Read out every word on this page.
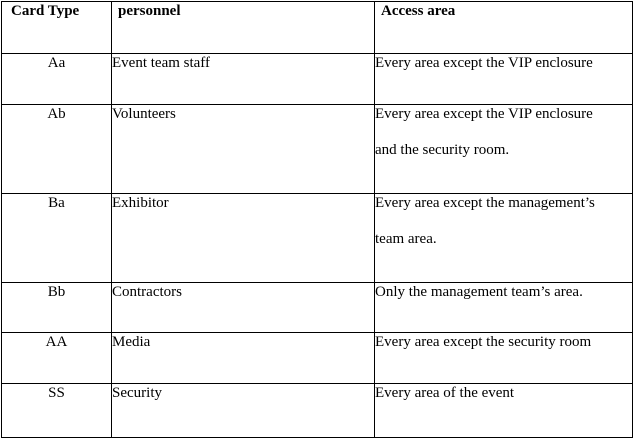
Card Type	personnel	Access area
Aa	Event team staff	Every area except the VIP enclosure

Ab	Volunteers	Every area except the VIP enclosure
and the security room.

Ba	Exhibitor	Every area except the management’s
team area.

Bb	Contractors	Only the management team’s area.

AA	Media	Every area except the security room

SS	Security	Every area of the event
